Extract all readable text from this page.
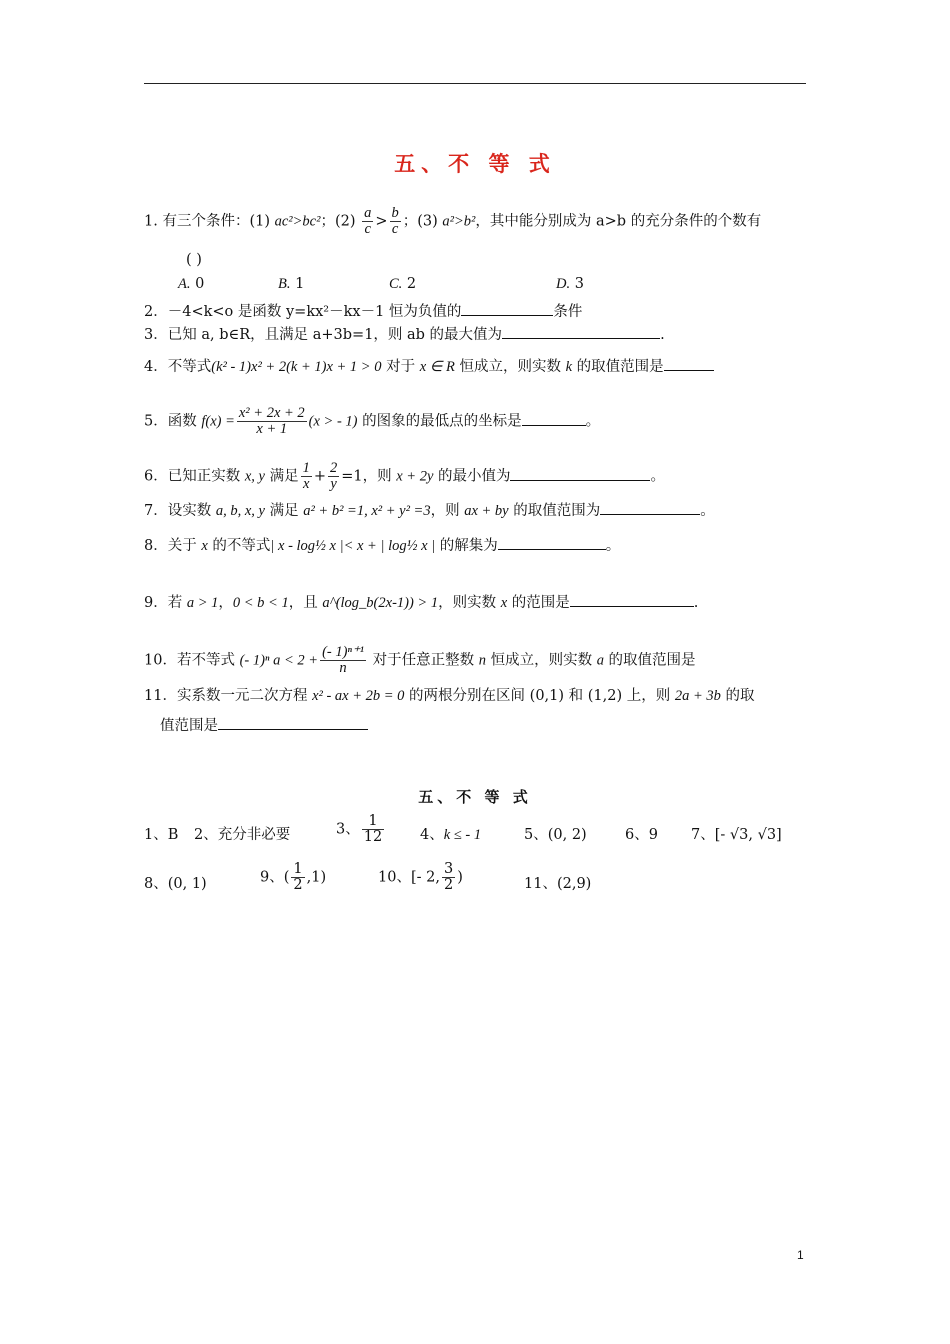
五、不 等 式
1. 有三个条件：(1) ac²>bc²；$(2) \frac{a}{c} > \frac{b}{c}$ ；(3) a²>b²，其中能分别成为 a>b 的充分条件的个数有
( )
A. 0	B. 1	C. 2	D. 3
2．－4<k<o 是函数 y=kx²－kx－1 恒为负值的	条件
3．已知 a, b∈R，且满足 a+3b=1，则 ab 的最大值为	.
4．不等式(k² - 1)x² + 2(k + 1)x + 1 > 0 对于 x ∈ R 恒成立，则实数 k 的取值范围是
5．函数 $f(x) = \frac{\text{x² + 2x + 2}}{x + 1} (x$ > - 1) 的图象的最低点的坐标是	。
6．已知正实数 x, y 满足 $\frac{1}{x} + \frac{2}{y} =1$，则 x + 2y 的最小值为	。
7．设实数 a, b, x, y 满足 a² + b² =1, x² + y² =3，则 ax + by 的取值范围为	。
8．关于 x 的不等式| x - log½ x |< x + | log½ x | 的解集为	。
9．若 a > 1，0 < b < 1，且 a^(log_b(2x-1)) > 1，则实数 x 的范围是	.
10．若不等式 (- 1)ⁿ $a < 2 + \frac{\text{(- 1)ⁿ⁺¹}}{n}$ 对于任意正整数 n 恒成立，则实数 a 的取值范围是
11．实系数一元二次方程 x² - ax + 2b = 0 的两根分别在区间 (0,1) 和 (1,2) 上，则 2a + 3b 的取
值范围是
五、不 等 式
1、B 2、充分非必要	3、 $\frac{1}{12} 4$、k ≤ - 1	5、(0, 2)	6、9 7、[- √3, √3]
8、(0, 1)	9、( $\frac{1}{2} ,1$)	10、[- 2, $\frac{3}{2}$ )	11、(2,9)
1
